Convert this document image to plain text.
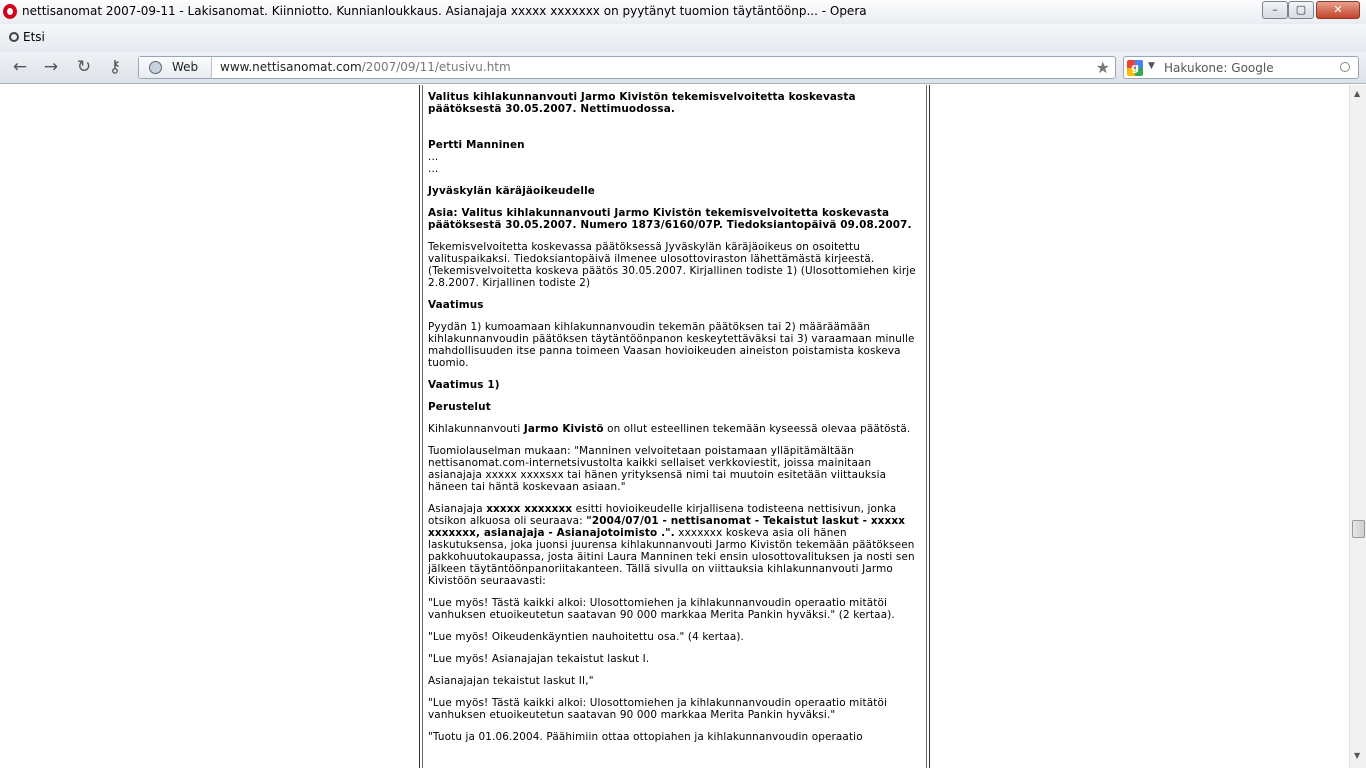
nettisanomat 2007-09-11 - Lakisanomat. Kiinniotto. Kunnianloukkaus. Asianajaja xxxxx xxxxxxx on pyytänyt tuomion täytäntöönp... - Opera	–	▢	✕
Etsi
← → ↻ ⚷	Web www.nettisanomat.com/2007/09/11/etusivu.htm	★	g	▼ Hakukone: Google

Valitus kihlakunnanvouti Jarmo Kivistön tekemisvelvoitetta koskevasta päätöksestä 30.05.2007. Nettimuodossa.

Pertti Manninen
...
...

Jyväskylän käräjäoikeudelle

Asia: Valitus kihlakunnanvouti Jarmo Kivistön tekemisvelvoitetta koskevasta päätöksestä 30.05.2007. Numero 1873/6160/07P. Tiedoksiantopäivä 09.08.2007.

Tekemisvelvoitetta koskevassa päätöksessä Jyväskylän käräjäoikeus on osoitettu valituspaikaksi. Tiedoksiantopäivä ilmenee ulosottoviraston lähettämästä kirjeestä. (Tekemisvelvoitetta koskeva päätös 30.05.2007. Kirjallinen todiste 1) (Ulosottomiehen kirje 2.8.2007. Kirjallinen todiste 2)

Vaatimus

Pyydän 1) kumoamaan kihlakunnanvoudin tekemän päätöksen tai 2) määräämään kihlakunnanvoudin päätöksen täytäntöönpanon keskeytettäväksi tai 3) varaamaan minulle mahdollisuuden itse panna toimeen Vaasan hovioikeuden aineiston poistamista koskeva tuomio.

Vaatimus 1)

Perustelut

Kihlakunnanvouti Jarmo Kivistö on ollut esteellinen tekemään kyseessä olevaa päätöstä.

Tuomiolauselman mukaan: "Manninen velvoitetaan poistamaan ylläpitämältään nettisanomat.com-internetsivustolta kaikki sellaiset verkkoviestit, joissa mainitaan asianajaja xxxxx xxxxsxx tai hänen yrityksensä nimi tai muutoin esitetään viittauksia häneen tai häntä koskevaan asiaan."

Asianajaja xxxxx xxxxxxx esitti hovioikeudelle kirjallisena todisteena nettisivun, jonka otsikon alkuosa oli seuraava: "2004/07/01 - nettisanomat - Tekaistut laskut - xxxxx xxxxxxx, asianajaja - Asianajotoimisto .". xxxxxxx koskeva asia oli hänen laskutuksensa, joka juonsi juurensa kihlakunnanvouti Jarmo Kivistön tekemään päätökseen pakkohuutokaupassa, josta äitini Laura Manninen teki ensin ulosottovalituksen ja nosti sen jälkeen täytäntöönpanoriitakanteen. Tällä sivulla on viittauksia kihlakunnanvouti Jarmo Kivistöön seuraavasti:

"Lue myös! Tästä kaikki alkoi: Ulosottomiehen ja kihlakunnanvoudin operaatio mitätöi vanhuksen etuoikeutetun saatavan 90 000 markkaa Merita Pankin hyväksi." (2 kertaa).

"Lue myös! Oikeudenkäyntien nauhoitettu osa." (4 kertaa).

"Lue myös! Asianajajan tekaistut laskut I.

Asianajajan tekaistut laskut II,"

"Lue myös! Tästä kaikki alkoi: Ulosottomiehen ja kihlakunnanvoudin operaatio mitätöi vanhuksen etuoikeutetun saatavan 90 000 markkaa Merita Pankin hyväksi."

"Tuotu ja 01.06.2004. Päähimiin ottaa ottopiahen ja kihlakunnanvoudin operaatio

▲
▼
